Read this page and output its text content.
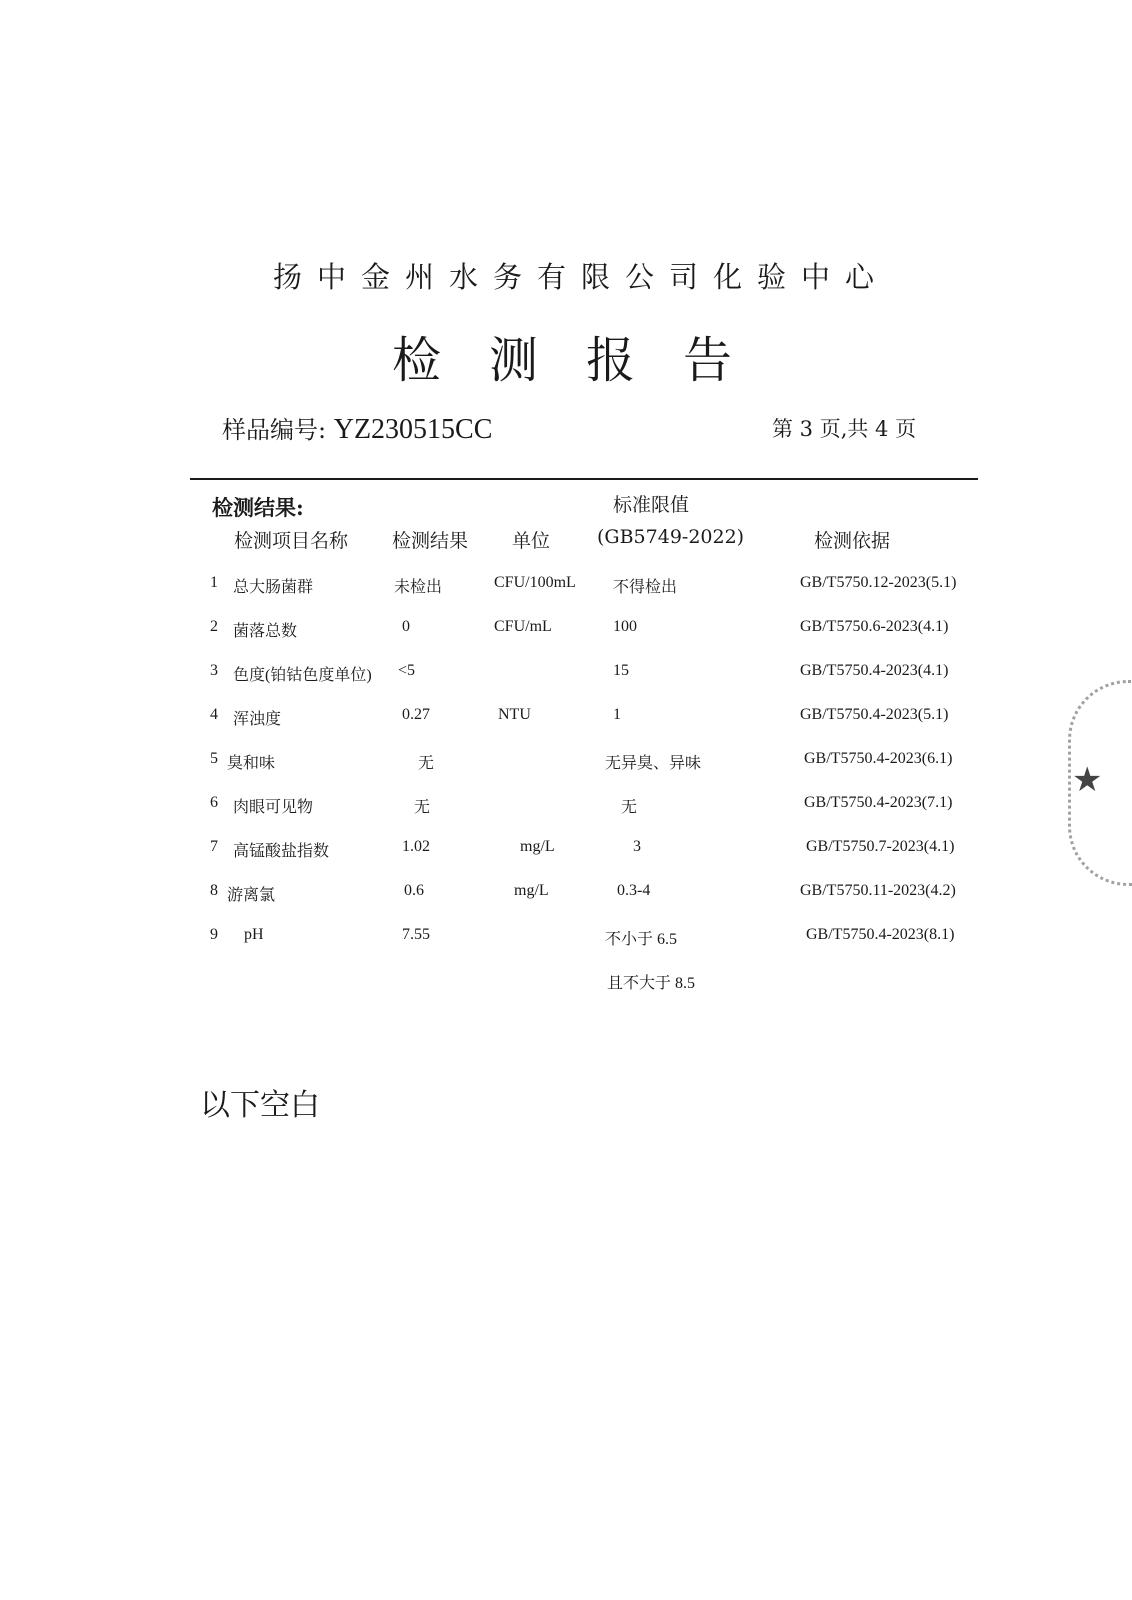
扬中金州水务有限公司化验中心
检测报告
样品编号: YZ230515CC	第 3 页,共 4 页
检测结果:	标准限值
检测项目名称 检测结果 单位 (GB5749-2022)	检测依据
1 总大肠菌群	未检出	CFU/100mL 不得检出	GB/T5750.12-2023(5.1)
2 菌落总数	0	CFU/mL	100	GB/T5750.6-2023(4.1)
3 色度(铂钴色度单位) <5	15	GB/T5750.4-2023(4.1)
4 浑浊度	0.27	NTU	1	GB/T5750.4-2023(5.1)
5 臭和味	无	无异臭、异味	GB/T5750.4-2023(6.1)
6 肉眼可见物	无	无	GB/T5750.4-2023(7.1)
7 高锰酸盐指数	1.02	mg/L	3	GB/T5750.7-2023(4.1)
8 游离氯	0.6	mg/L	0.3-4	GB/T5750.11-2023(4.2)
9 pH	7.55	不小于 6.5	GB/T5750.4-2023(8.1)
且不大于 8.5
以下空白
★
